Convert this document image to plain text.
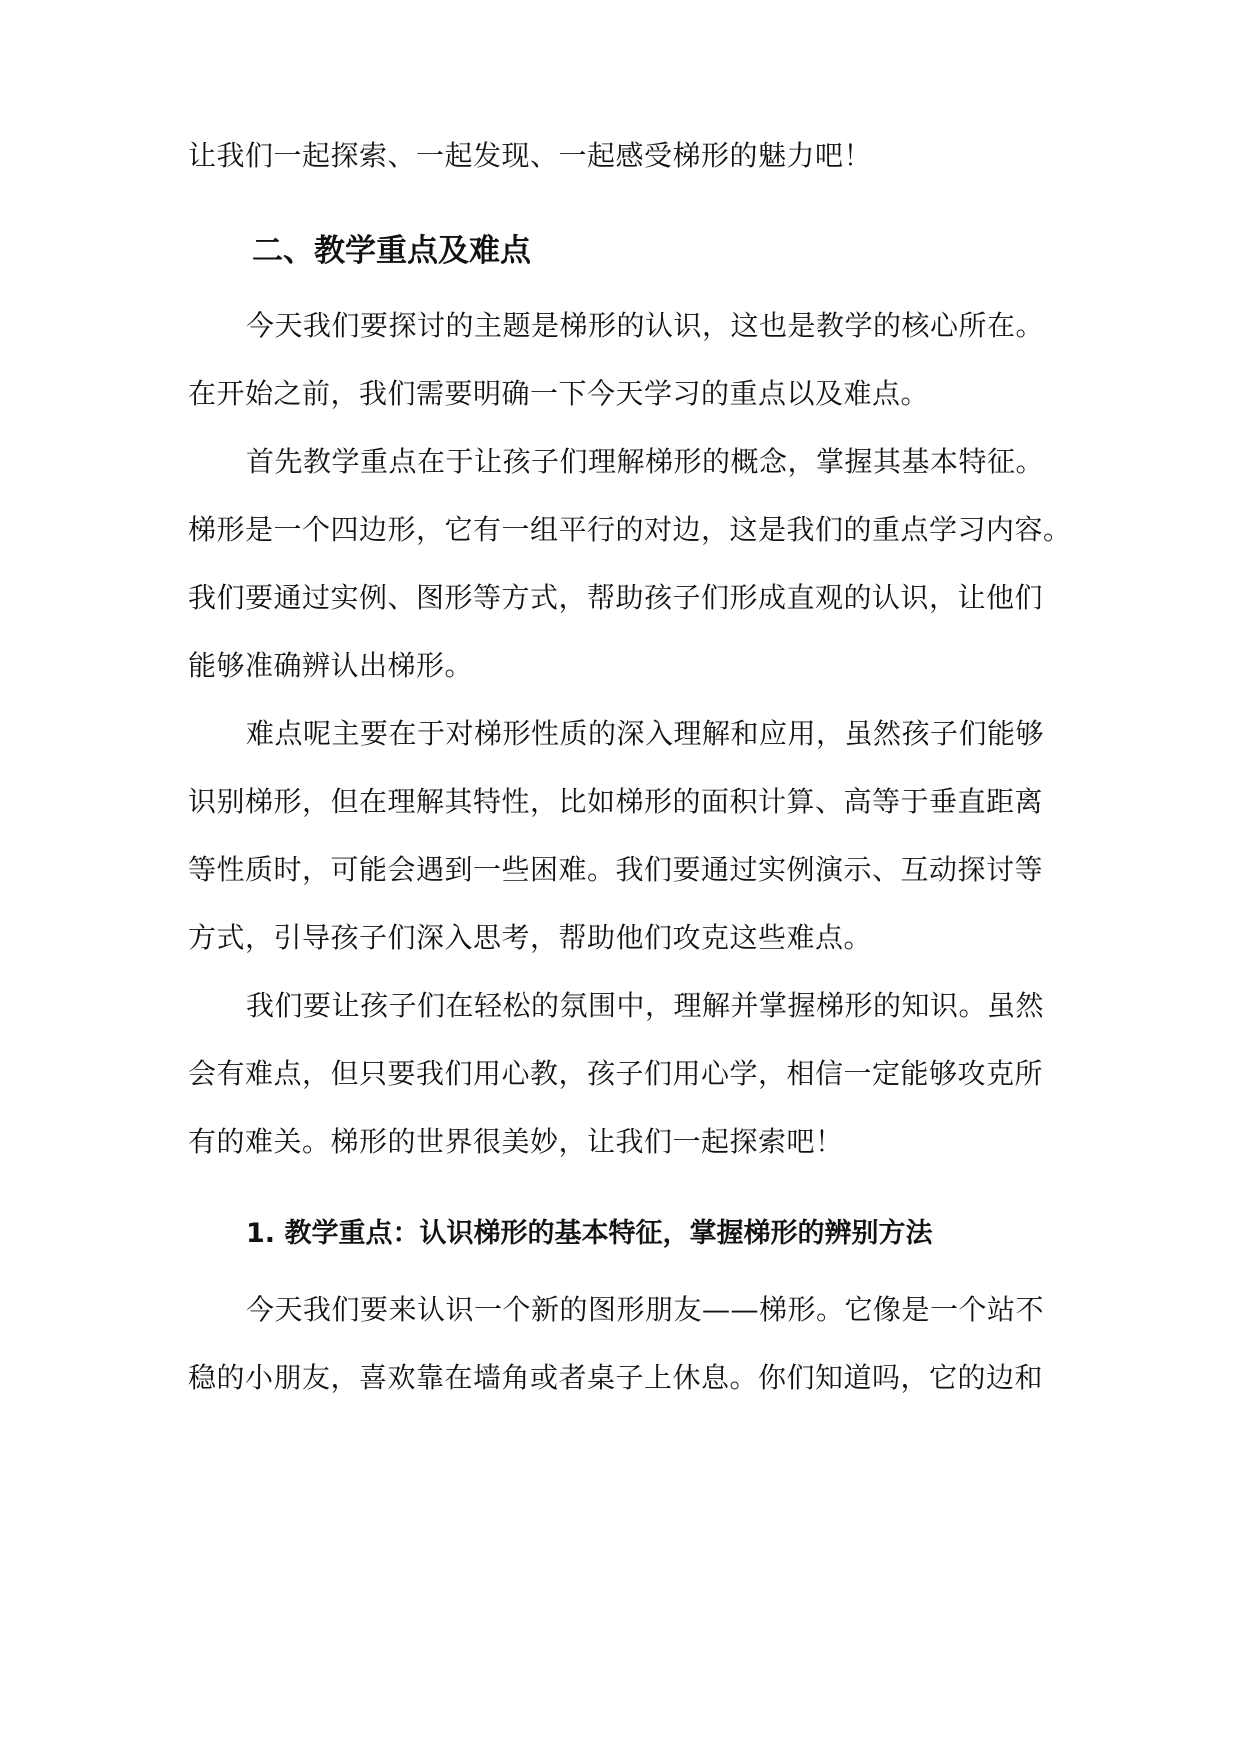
让我们一起探索、一起发现、一起感受梯形的魅力吧！
二、教学重点及难点
今天我们要探讨的主题是梯形的认识，这也是教学的核心所在。
在开始之前，我们需要明确一下今天学习的重点以及难点。
首先教学重点在于让孩子们理解梯形的概念，掌握其基本特征。
梯形是一个四边形，它有一组平行的对边，这是我们的重点学习内容。
我们要通过实例、图形等方式，帮助孩子们形成直观的认识，让他们
能够准确辨认出梯形。
难点呢主要在于对梯形性质的深入理解和应用，虽然孩子们能够
识别梯形，但在理解其特性，比如梯形的面积计算、高等于垂直距离
等性质时，可能会遇到一些困难。我们要通过实例演示、互动探讨等
方式，引导孩子们深入思考，帮助他们攻克这些难点。
我们要让孩子们在轻松的氛围中，理解并掌握梯形的知识。虽然
会有难点，但只要我们用心教，孩子们用心学，相信一定能够攻克所
有的难关。梯形的世界很美妙，让我们一起探索吧！
1. 教学重点：认识梯形的基本特征，掌握梯形的辨别方法
今天我们要来认识一个新的图形朋友——梯形。它像是一个站不
稳的小朋友，喜欢靠在墙角或者桌子上休息。你们知道吗，它的边和
